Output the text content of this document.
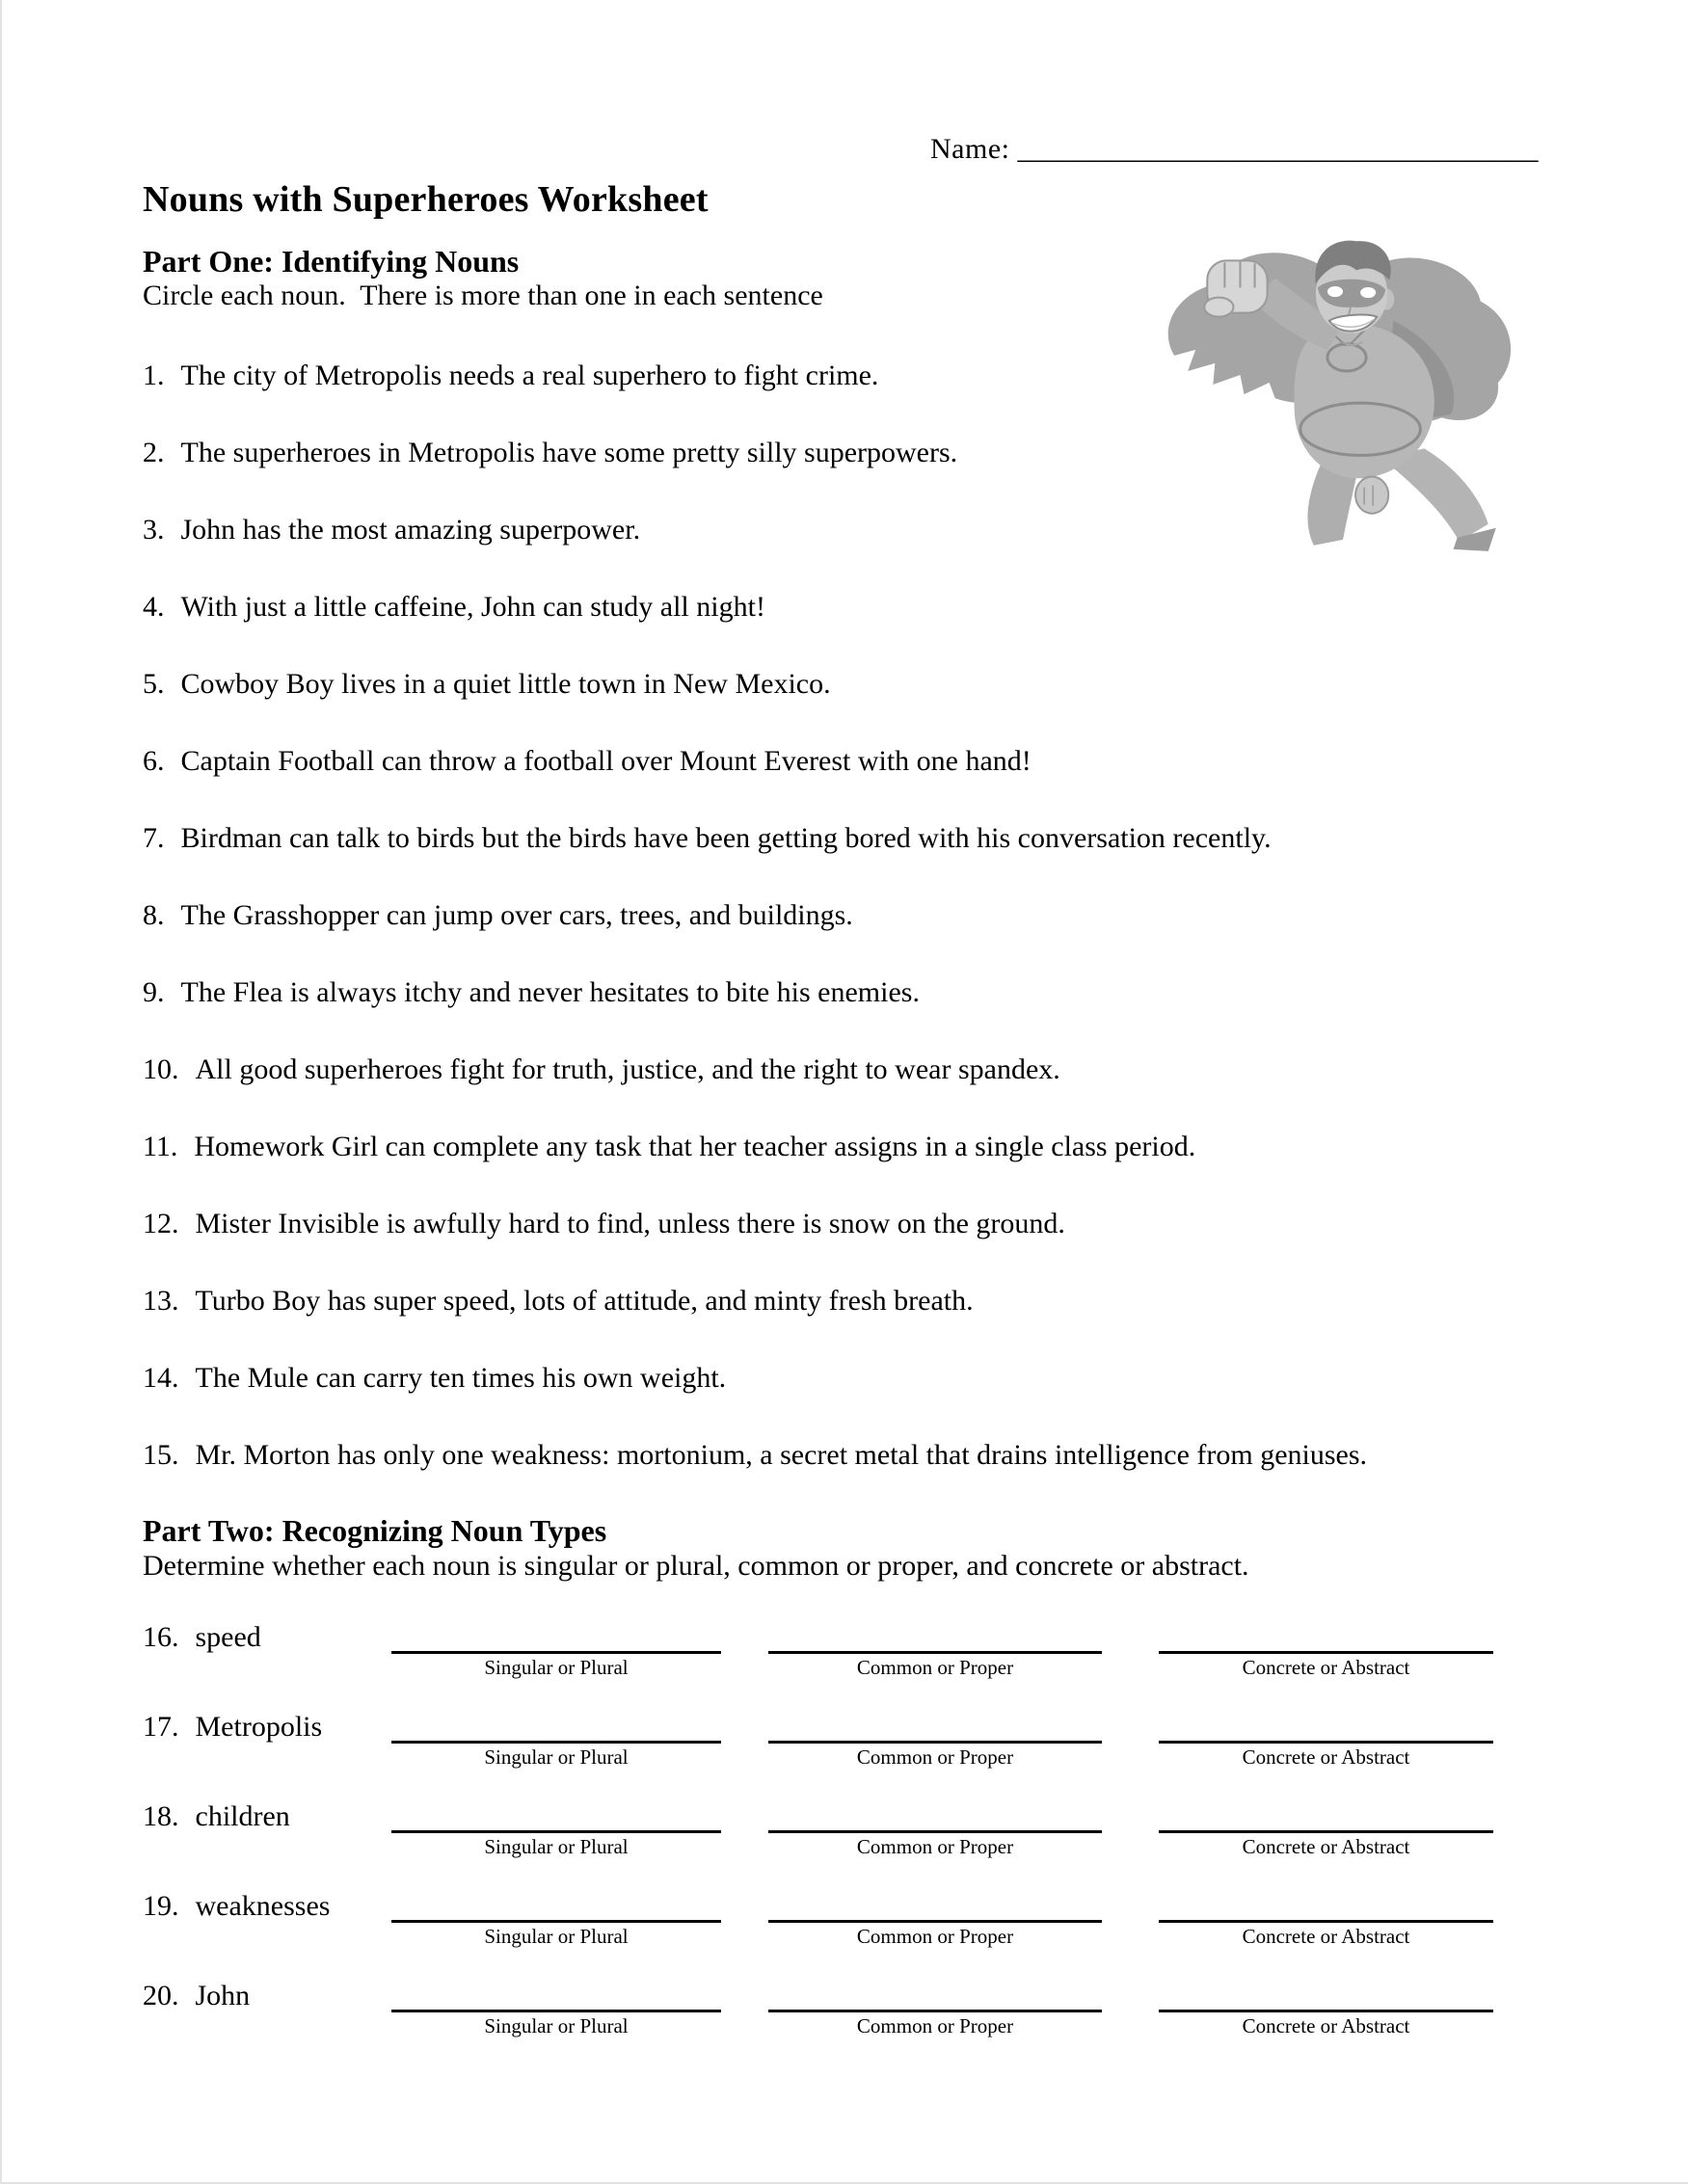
Name: ____________________________________
Nouns with Superheroes Worksheet
Part One: Identifying Nouns

Circle each noun.  There is more than one in each sentence

1. The city of Metropolis needs a real superhero to fight crime.
2. The superheroes in Metropolis have some pretty silly superpowers.
3. John has the most amazing superpower.
4. With just a little caffeine, John can study all night!
5. Cowboy Boy lives in a quiet little town in New Mexico.
6. Captain Football can throw a football over Mount Everest with one hand!
7. Birdman can talk to birds but the birds have been getting bored with his conversation recently.
8. The Grasshopper can jump over cars, trees, and buildings.
9. The Flea is always itchy and never hesitates to bite his enemies.
10. All good superheroes fight for truth, justice, and the right to wear spandex.
11. Homework Girl can complete any task that her teacher assigns in a single class period.
12. Mister Invisible is awfully hard to find, unless there is snow on the ground.
13. Turbo Boy has super speed, lots of attitude, and minty fresh breath.
14. The Mule can carry ten times his own weight.
15. Mr. Morton has only one weakness: mortonium, a secret metal that drains intelligence from geniuses.
Part Two: Recognizing Noun Types

Determine whether each noun is singular or plural, common or proper, and concrete or abstract.

16. speed
Singular or Plural	Common or Proper	Concrete or Abstract
17. Metropolis
Singular or Plural	Common or Proper	Concrete or Abstract
18. children
Singular or Plural	Common or Proper	Concrete or Abstract
19. weaknesses
Singular or Plural	Common or Proper	Concrete or Abstract
20. John
Singular or Plural	Common or Proper	Concrete or Abstract
